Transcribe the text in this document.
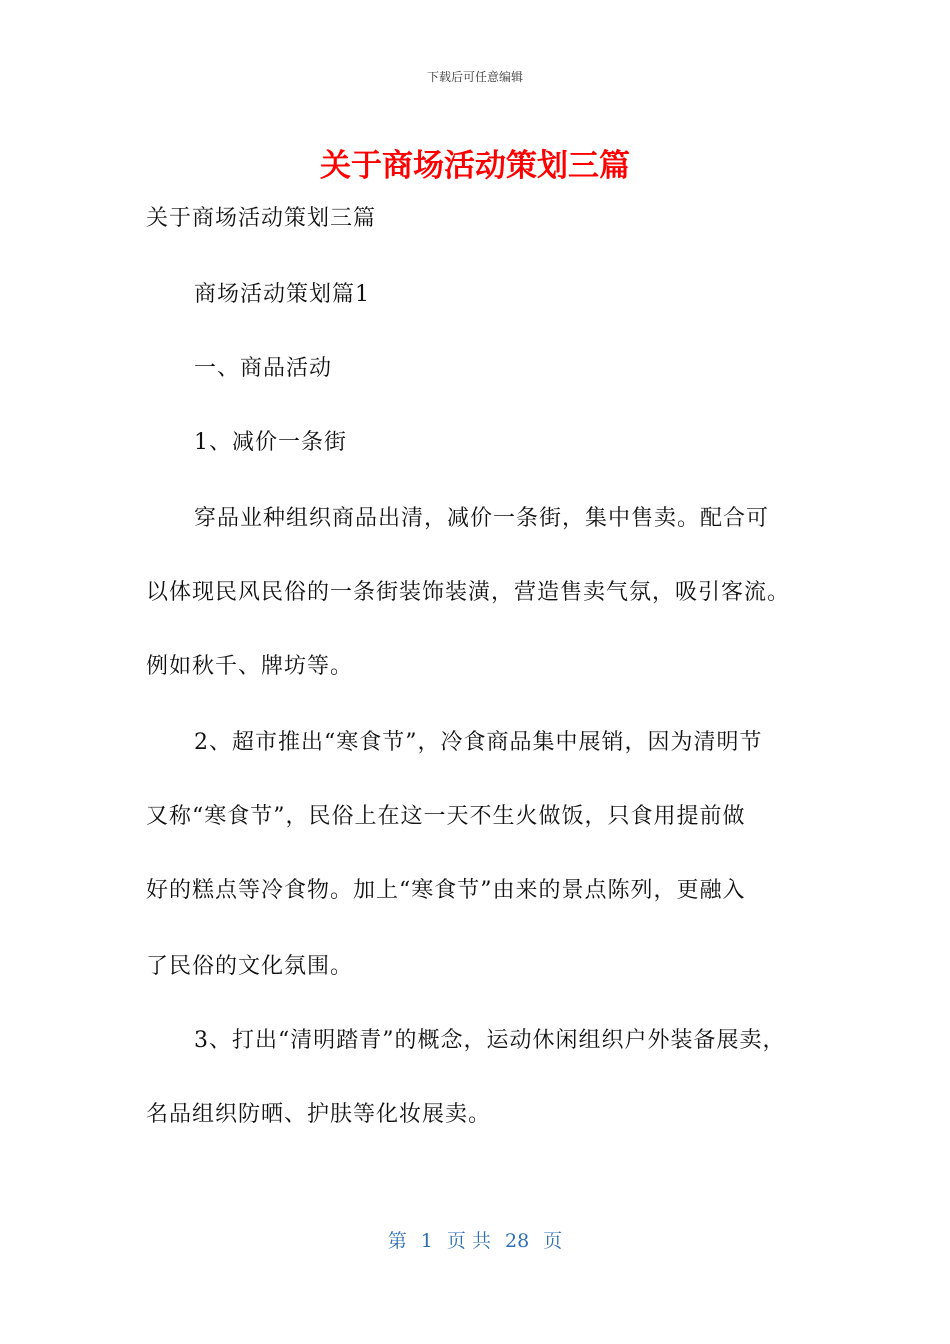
下载后可任意编辑
关于商场活动策划三篇
关于商场活动策划三篇
商场活动策划篇1
一、商品活动
1、减价一条街
穿品业种组织商品出清，减价一条街，集中售卖。配合可
以体现民风民俗的一条街装饰装潢，营造售卖气氛，吸引客流。
例如秋千、牌坊等。
2、超市推出“寒食节”，冷食商品集中展销，因为清明节
又称“寒食节”，民俗上在这一天不生火做饭，只食用提前做
好的糕点等冷食物。加上“寒食节”由来的景点陈列，更融入
了民俗的文化氛围。
3、打出“清明踏青”的概念，运动休闲组织户外装备展卖，
名品组织防晒、护肤等化妆展卖。
第 1 页 共 28 页
